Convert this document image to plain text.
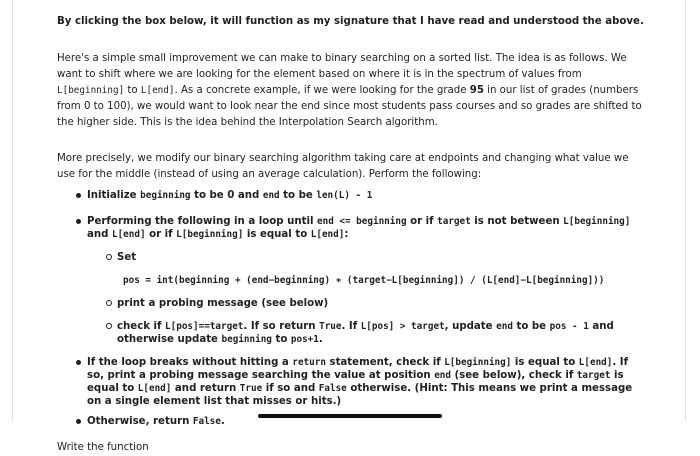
By clicking the box below, it will function as my signature that I have read and understood the above.

Here's a simple small improvement we can make to binary searching on a sorted list. The idea is as follows. We want to shift where we are looking for the element based on where it is in the spectrum of values from L[beginning] to L[end]. As a concrete example, if we were looking for the grade 95 in our list of grades (numbers from 0 to 100), we would want to look near the end since most students pass courses and so grades are shifted to the higher side. This is the idea behind the Interpolation Search algorithm.

More precisely, we modify our binary searching algorithm taking care at endpoints and changing what value we use for the middle (instead of using an average calculation). Perform the following:

Initialize beginning to be 0 and end to be len(L) - 1
Performing the following in a loop until end <= beginning or if target is not between L[beginning] and L[end] or if L[beginning] is equal to L[end]:
Set
pos = int(beginning + (end−beginning) ∗ (target−L[beginning]) / (L[end]−L[beginning]))
print a probing message (see below)
check if L[pos]==target. If so return True. If L[pos] > target, update end to be pos - 1 and otherwise update beginning to pos+1.
If the loop breaks without hitting a return statement, check if L[beginning] is equal to L[end]. If so, print a probing message searching the value at position end (see below), check if target is equal to L[end] and return True if so and False otherwise. (Hint: This means we print a message on a single element list that misses or hits.)
Otherwise, return False.

Write the function
